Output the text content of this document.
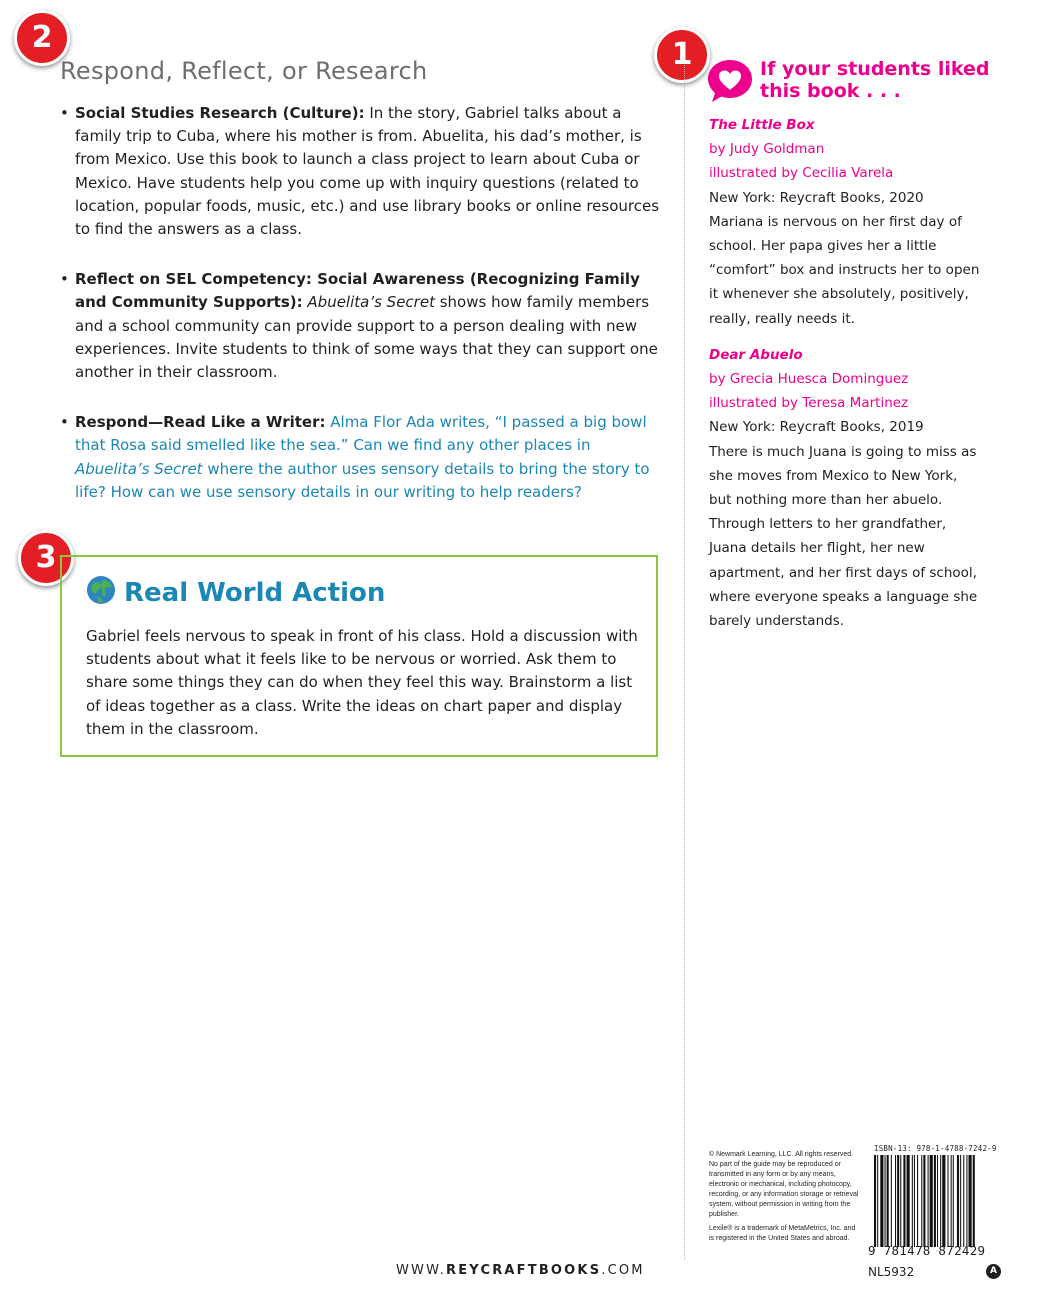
2	1
3
Respond, Reflect, or Research
• Social Studies Research (Culture): In the story, Gabriel talks about a family trip to Cuba, where his mother is from. Abuelita, his dad’s mother, is from Mexico. Use this book to launch a class project to learn about Cuba or Mexico. Have students help you come up with inquiry questions (related to location, popular foods, music, etc.) and use library books or online resources to find the answers as a class.
• Reflect on SEL Competency: Social Awareness (Recognizing Family and Community Supports): Abuelita’s Secret shows how family members and a school community can provide support to a person dealing with new experiences. Invite students to think of some ways that they can support one another in their classroom.
• Respond—Read Like a Writer: Alma Flor Ada writes, “I passed a big bowl that Rosa said smelled like the sea.” Can we find any other places in Abuelita’s Secret where the author uses sensory details to bring the story to life? How can we use sensory details in our writing to help readers?
Real World Action

Gabriel feels nervous to speak in front of his class. Hold a discussion with students about what it feels like to be nervous or worried. Ask them to share some things they can do when they feel this way. Brainstorm a list of ideas together as a class. Write the ideas on chart paper and display them in the classroom.

If your students liked
this book . . .

The Little Box

by Judy Goldman

illustrated by Cecilia Varela

New York: Reycraft Books, 2020

Mariana is nervous on her first day of school. Her papa gives her a little “comfort” box and instructs her to open it whenever she absolutely, positively, really, really needs it.

Dear Abuelo

by Grecia Huesca Dominguez

illustrated by Teresa Martinez

New York: Reycraft Books, 2019

There is much Juana is going to miss as she moves from Mexico to New York, but nothing more than her abuelo. Through letters to her grandfather, Juana details her flight, her new apartment, and her first days of school, where everyone speaks a language she barely understands.

© Newmark Learning, LLC. All rights reserved. No part of the guide may be reproduced or transmitted in any form or by any means, electronic or mechanical, including photocopy, recording, or any information storage or retrieval system, without permission in writing from the publisher.
Lexile® is a trademark of MetaMetrics, Inc. and is registered in the United States and abroad.
ISBN-13: 978-1-4788-7242-9
9 781478 872429
NL5932	A

WWW.REYCRAFTBOOKS.COM
